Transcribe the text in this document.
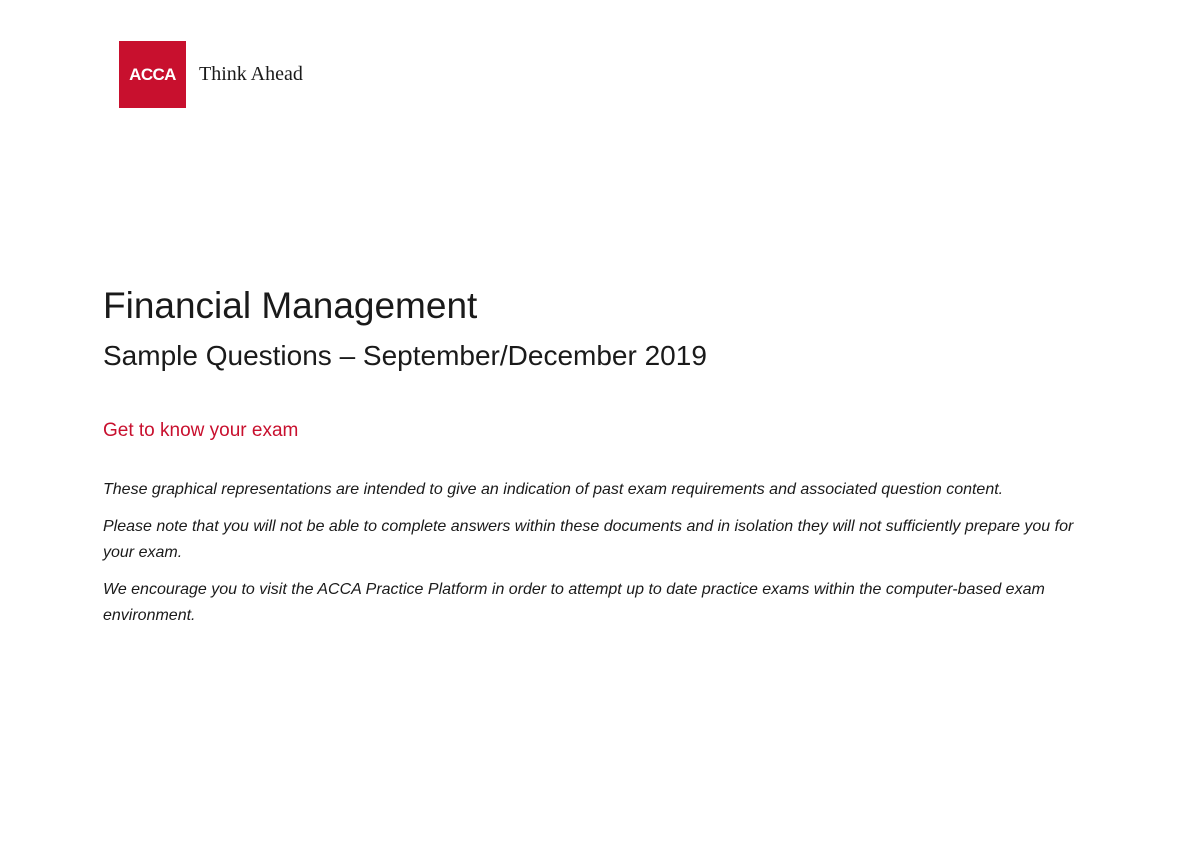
ACCA Think Ahead
Financial Management
Sample Questions – September/December 2019
Get to know your exam

These graphical representations are intended to give an indication of past exam requirements and associated question content.

Please note that you will not be able to complete answers within these documents and in isolation they will not sufficiently prepare you for your exam.

We encourage you to visit the ACCA Practice Platform in order to attempt up to date practice exams within the computer-based exam environment.
